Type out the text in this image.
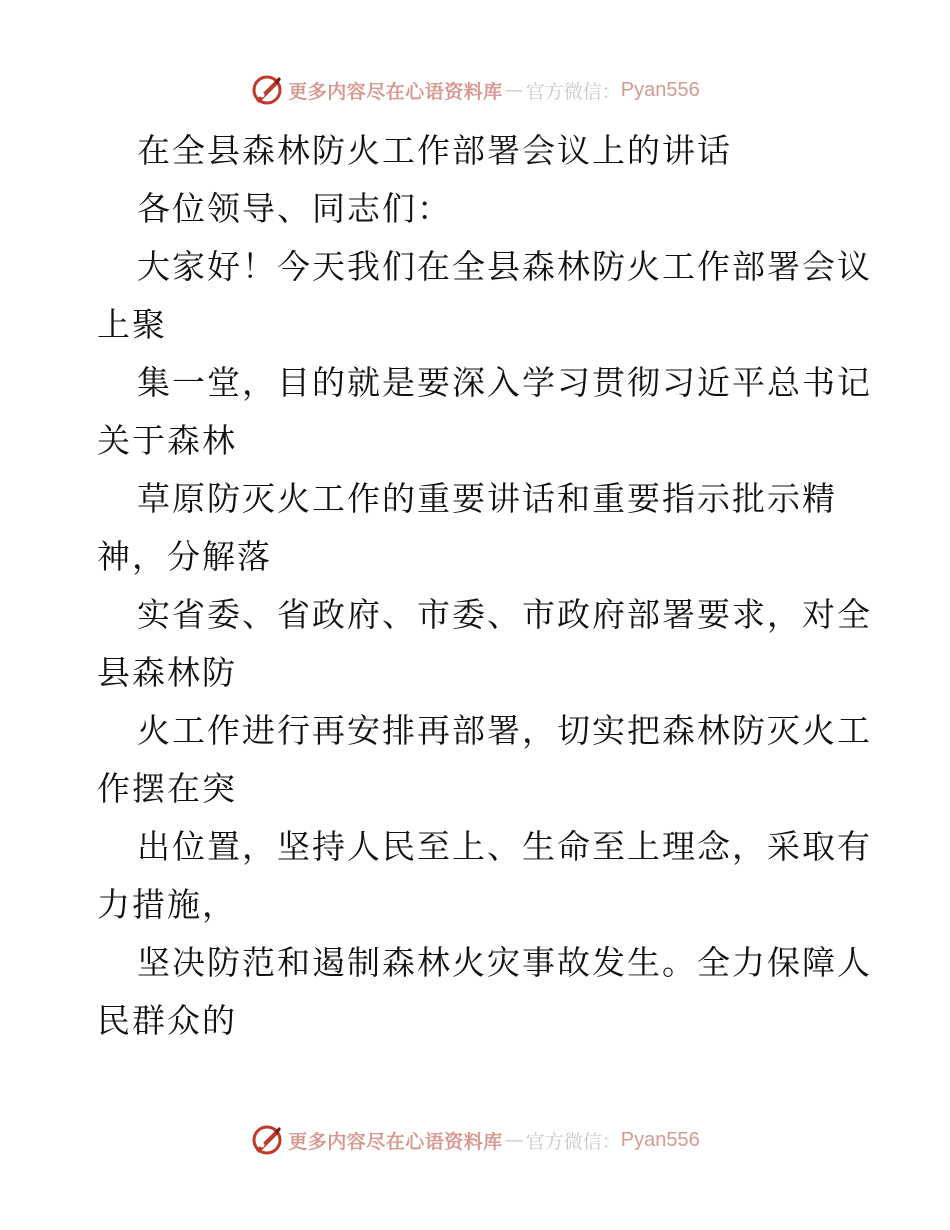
更多内容尽在心语资料库 — 官方微信： Pyan556
在全县森林防火工作部署会议上的讲话
各位领导、同志们：
大家好！今天我们在全县森林防火工作部署会议
上聚
集一堂，目的就是要深入学习贯彻习近平总书记
关于森林
草原防灭火工作的重要讲话和重要指示批示精
神，分解落
实省委、省政府、市委、市政府部署要求，对全
县森林防
火工作进行再安排再部署，切实把森林防灭火工
作摆在突
出位置，坚持人民至上、生命至上理念，采取有
力措施，
坚决防范和遏制森林火灾事故发生。全力保障人
民群众的
更多内容尽在心语资料库 — 官方微信： Pyan556
